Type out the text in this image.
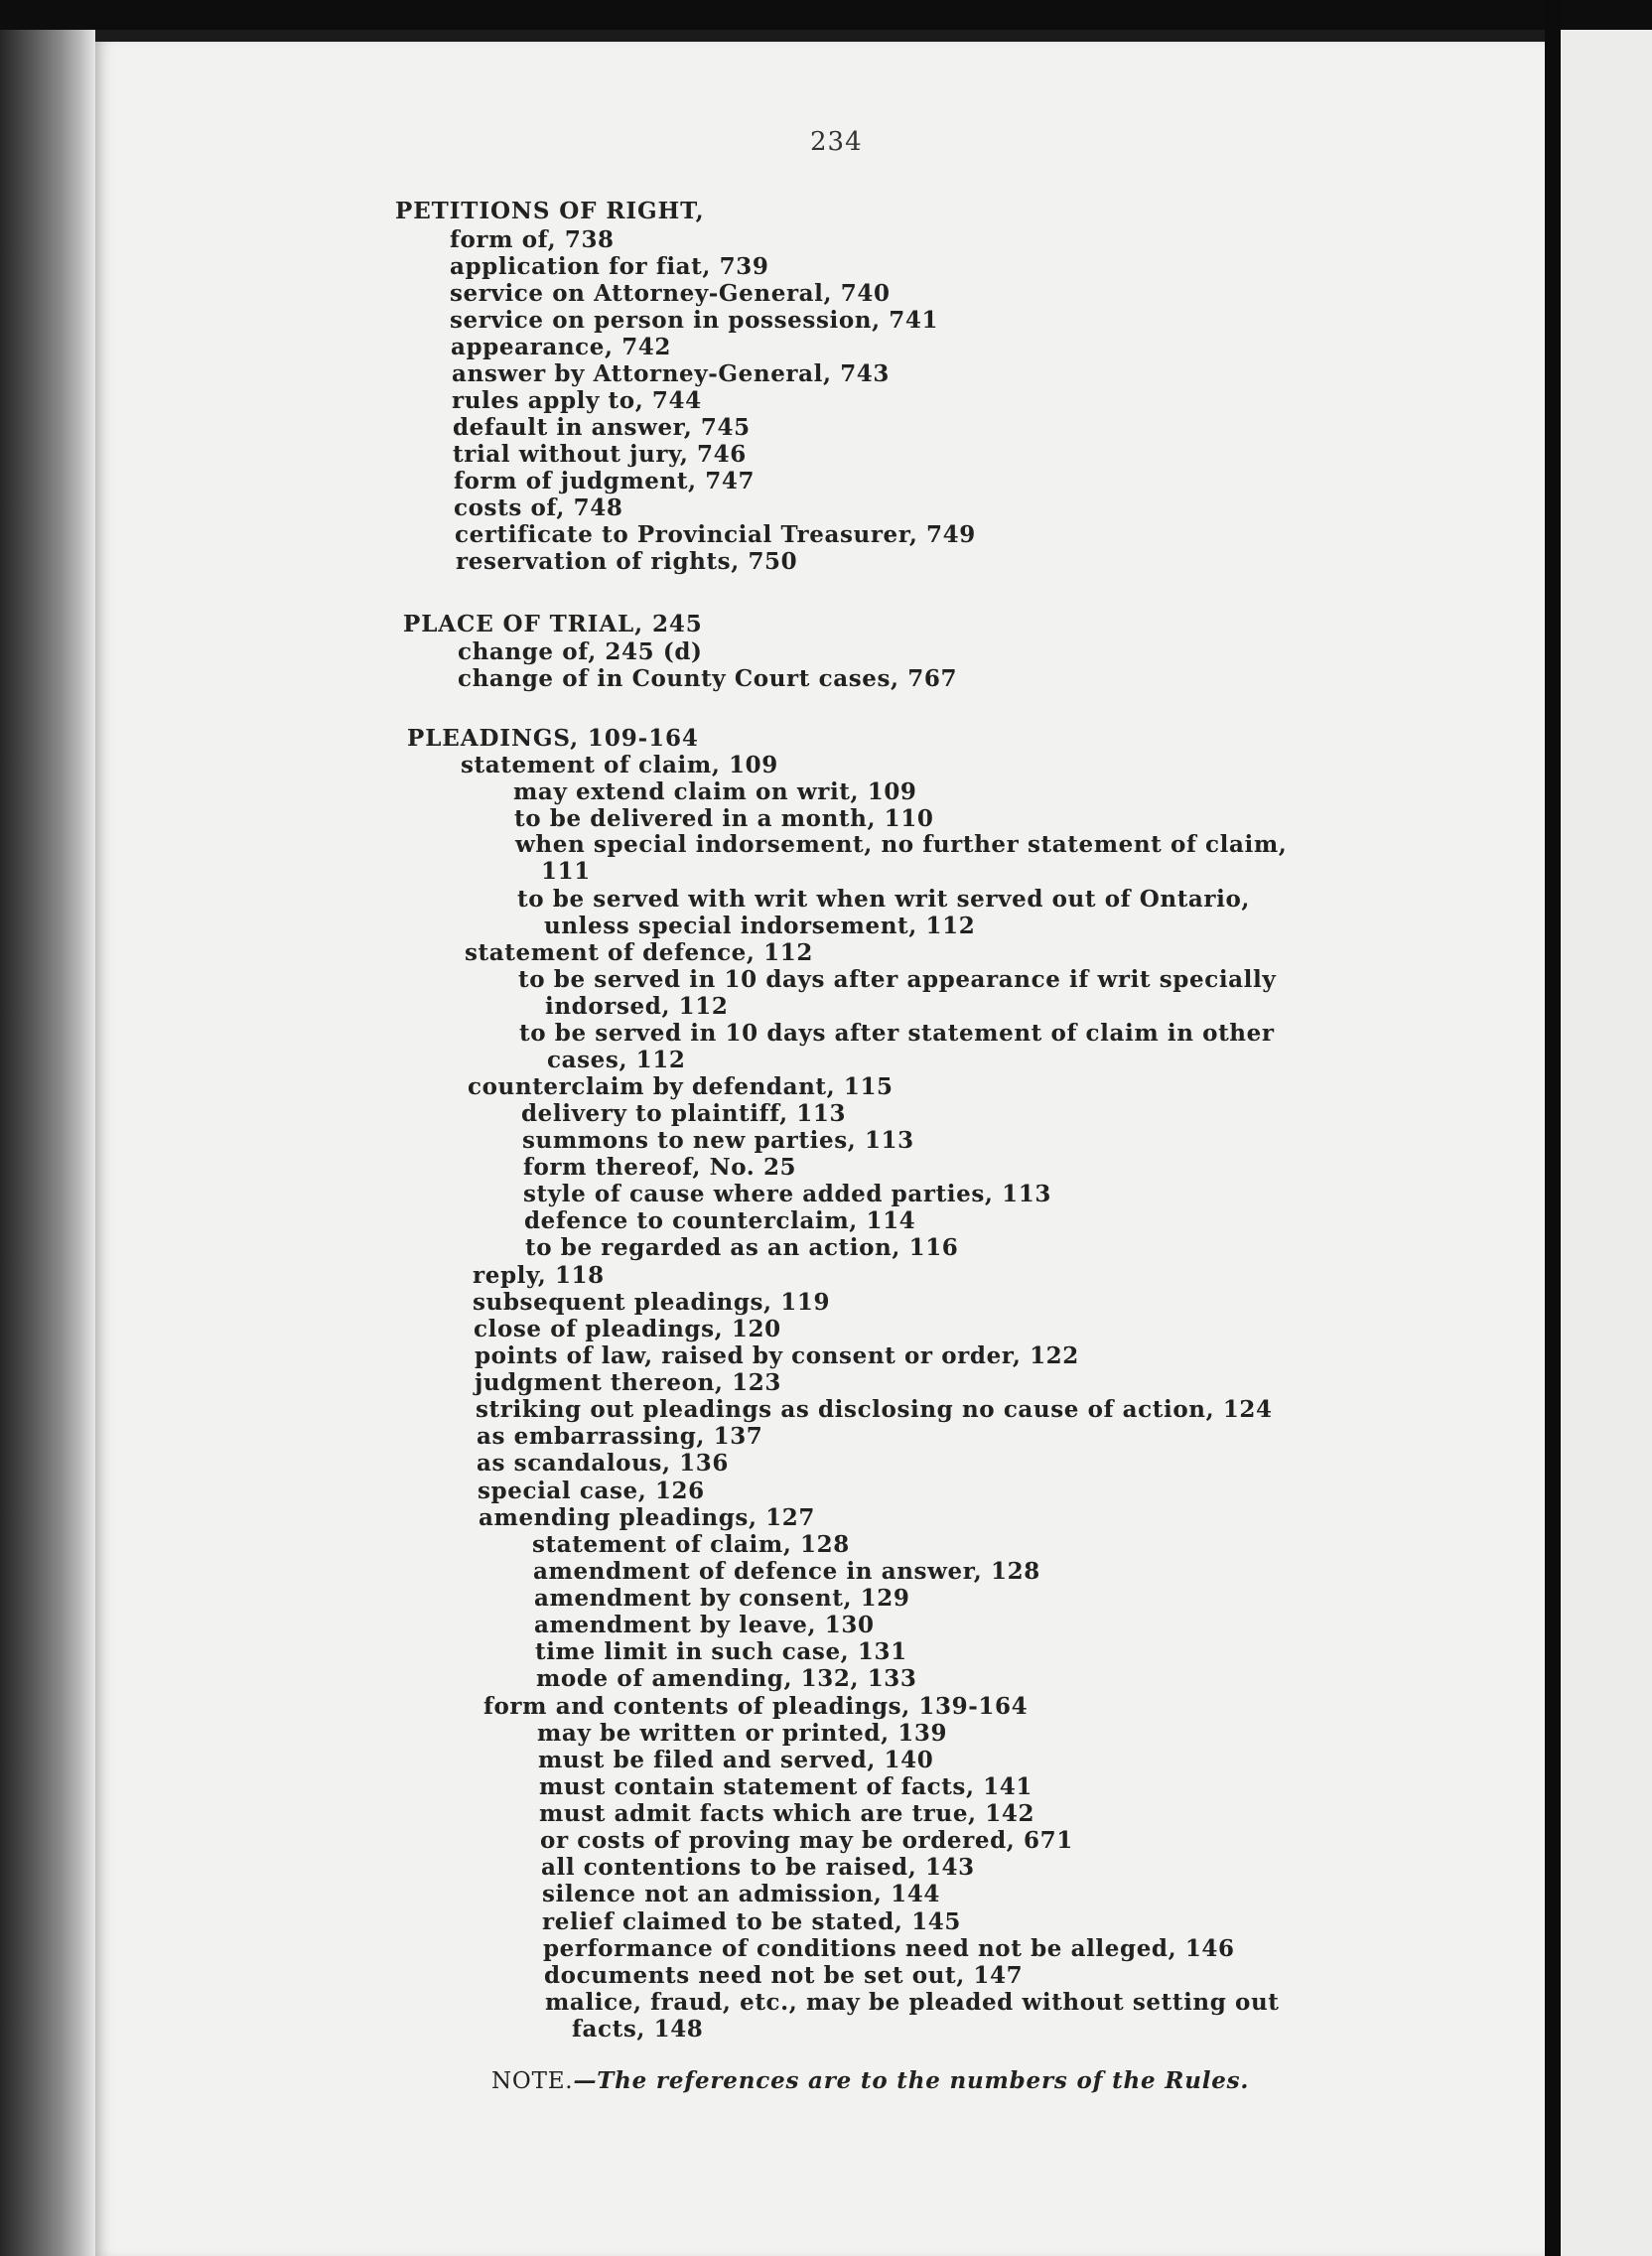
234
PETITIONS OF RIGHT,
form of, 738
application for fiat, 739
service on Attorney-General, 740
service on person in possession, 741
appearance, 742
answer by Attorney-General, 743
rules apply to, 744
default in answer, 745
trial without jury, 746
form of judgment, 747
costs of, 748
certificate to Provincial Treasurer, 749
reservation of rights, 750
PLACE OF TRIAL, 245
change of, 245 (d)
change of in County Court cases, 767
PLEADINGS, 109-164
statement of claim, 109
may extend claim on writ, 109
to be delivered in a month, 110
when special indorsement, no further statement of claim,
111
to be served with writ when writ served out of Ontario,
unless special indorsement, 112
statement of defence, 112
to be served in 10 days after appearance if writ specially
indorsed, 112
to be served in 10 days after statement of claim in other
cases, 112
counterclaim by defendant, 115
delivery to plaintiff, 113
summons to new parties, 113
form thereof, No. 25
style of cause where added parties, 113
defence to counterclaim, 114
to be regarded as an action, 116
reply, 118
subsequent pleadings, 119
close of pleadings, 120
points of law, raised by consent or order, 122
judgment thereon, 123
striking out pleadings as disclosing no cause of action, 124
as embarrassing, 137
as scandalous, 136
special case, 126
amending pleadings, 127
statement of claim, 128
amendment of defence in answer, 128
amendment by consent, 129
amendment by leave, 130
time limit in such case, 131
mode of amending, 132, 133
form and contents of pleadings, 139-164
may be written or printed, 139
must be filed and served, 140
must contain statement of facts, 141
must admit facts which are true, 142
or costs of proving may be ordered, 671
all contentions to be raised, 143
silence not an admission, 144
relief claimed to be stated, 145
performance of conditions need not be alleged, 146
documents need not be set out, 147
malice, fraud, etc., may be pleaded without setting out
facts, 148
NOTE.—The references are to the numbers of the Rules.
